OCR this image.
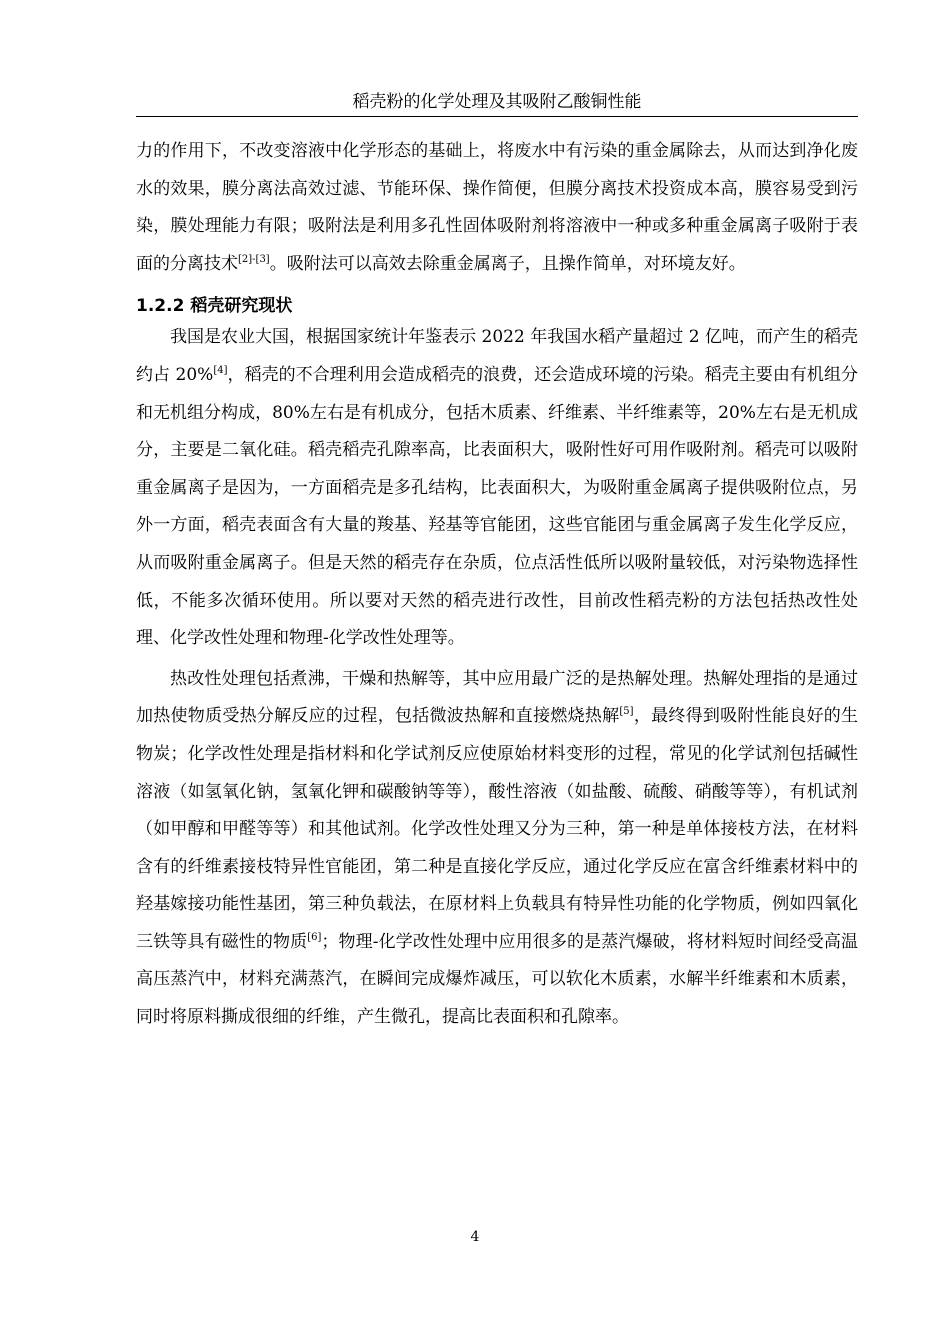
稻壳粉的化学处理及其吸附乙酸铜性能

力的作用下，不改变溶液中化学形态的基础上，将废水中有污染的重金属除去，从而达到净化废水的效果，膜分离法高效过滤、节能环保、操作简便，但膜分离技术投资成本高，膜容易受到污染，膜处理能力有限；吸附法是利用多孔性固体吸附剂将溶液中一种或多种重金属离子吸附于表面的分离技术[2]-[3]。吸附法可以高效去除重金属离子，且操作简单，对环境友好。

1.2.2 稻壳研究现状

我国是农业大国，根据国家统计年鉴表示 2022 年我国水稻产量超过 2 亿吨，而产生的稻壳约占 20%[4]，稻壳的不合理利用会造成稻壳的浪费，还会造成环境的污染。稻壳主要由有机组分和无机组分构成，80%左右是有机成分，包括木质素、纤维素、半纤维素等，20%左右是无机成分，主要是二氧化硅。稻壳稻壳孔隙率高，比表面积大，吸附性好可用作吸附剂。稻壳可以吸附重金属离子是因为，一方面稻壳是多孔结构，比表面积大，为吸附重金属离子提供吸附位点，另外一方面，稻壳表面含有大量的羧基、羟基等官能团，这些官能团与重金属离子发生化学反应，从而吸附重金属离子。但是天然的稻壳存在杂质，位点活性低所以吸附量较低，对污染物选择性低，不能多次循环使用。所以要对天然的稻壳进行改性，目前改性稻壳粉的方法包括热改性处理、化学改性处理和物理-化学改性处理等。

热改性处理包括煮沸，干燥和热解等，其中应用最广泛的是热解处理。热解处理指的是通过加热使物质受热分解反应的过程，包括微波热解和直接燃烧热解[5]，最终得到吸附性能良好的生物炭；化学改性处理是指材料和化学试剂反应使原始材料变形的过程，常见的化学试剂包括碱性溶液（如氢氧化钠，氢氧化钾和碳酸钠等等），酸性溶液（如盐酸、硫酸、硝酸等等），有机试剂（如甲醇和甲醛等等）和其他试剂。化学改性处理又分为三种，第一种是单体接枝方法，在材料含有的纤维素接枝特异性官能团，第二种是直接化学反应，通过化学反应在富含纤维素材料中的羟基嫁接功能性基团，第三种负载法，在原材料上负载具有特异性功能的化学物质，例如四氧化三铁等具有磁性的物质[6]；物理-化学改性处理中应用很多的是蒸汽爆破，将材料短时间经受高温高压蒸汽中，材料充满蒸汽，在瞬间完成爆炸减压，可以软化木质素，水解半纤维素和木质素，同时将原料撕成很细的纤维，产生微孔，提高比表面积和孔隙率。

4
